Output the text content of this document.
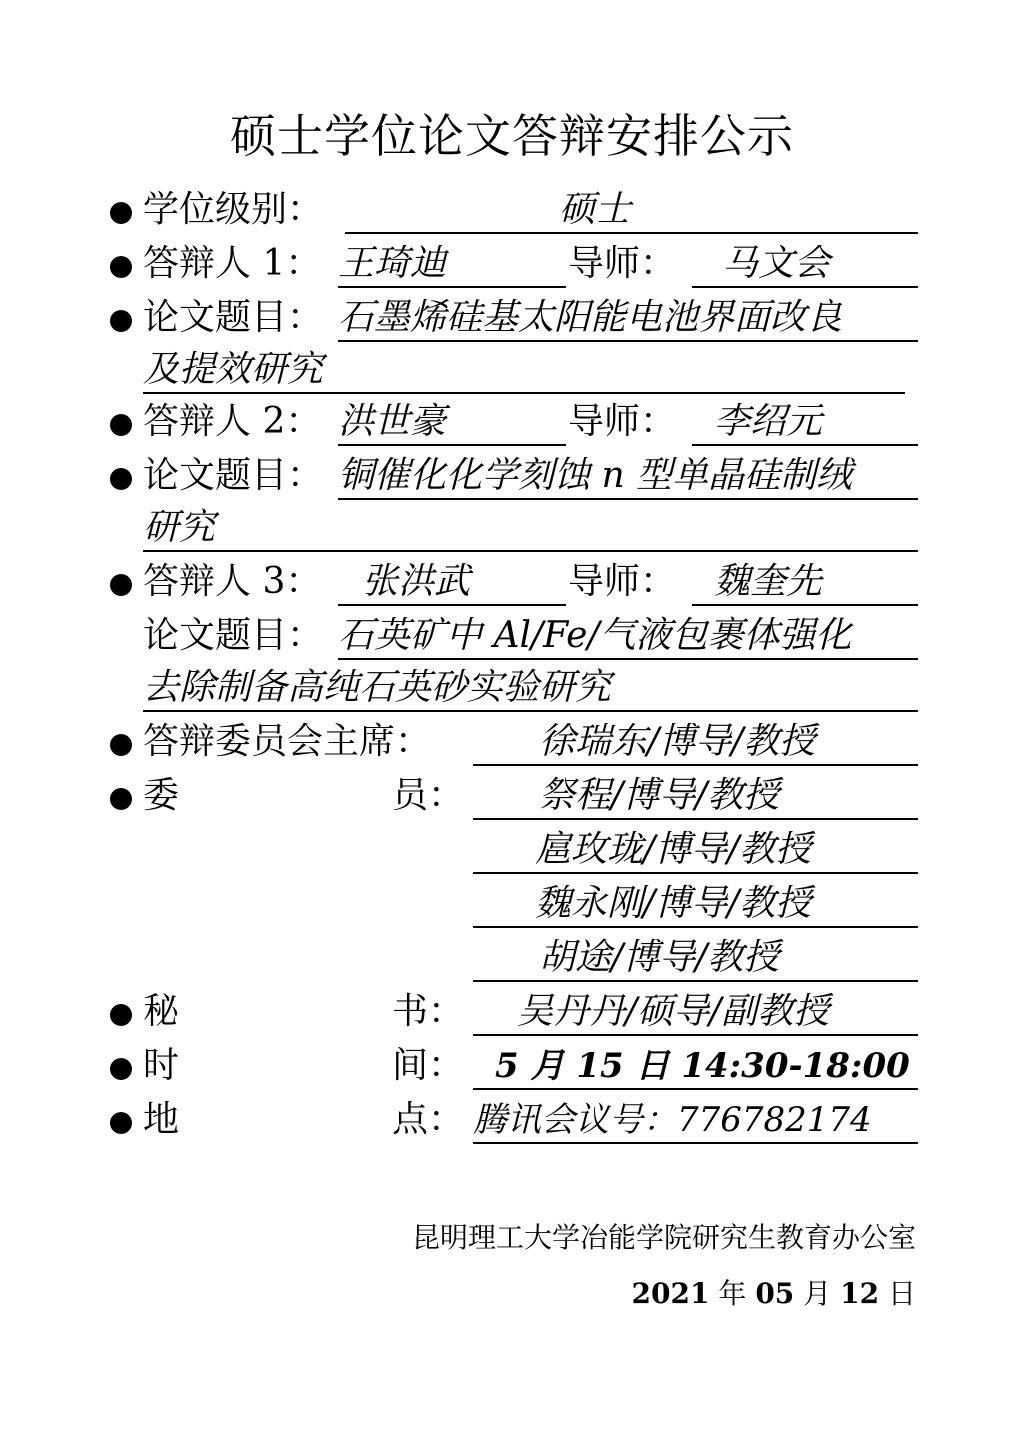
硕士学位论文答辩安排公示
学位级别：	硕士
答辩人 1： 王琦迪	导师：	马文会
论文题目： 石墨烯硅基太阳能电池界面改良
及提效研究
答辩人 2： 洪世豪	导师：	李绍元
论文题目： 铜催化化学刻蚀 n 型单晶硅制绒
研究
答辩人 3：	张洪武	导师：	魏奎先
论文题目： 石英矿中 Al/Fe/气液包裹体强化
去除制备高纯石英砂实验研究
答辩委员会主席：	徐瑞东/博导/教授
委	员：	祭程/博导/教授
扈玫珑/博导/教授
魏永刚/博导/教授
胡途/博导/教授
秘	书：	吴丹丹/硕导/副教授
时	间： 5 月 15 日 14:30-18:00
地	点： 腾讯会议号：776782174
昆明理工大学冶能学院研究生教育办公室
2021 年 05 月 12 日
